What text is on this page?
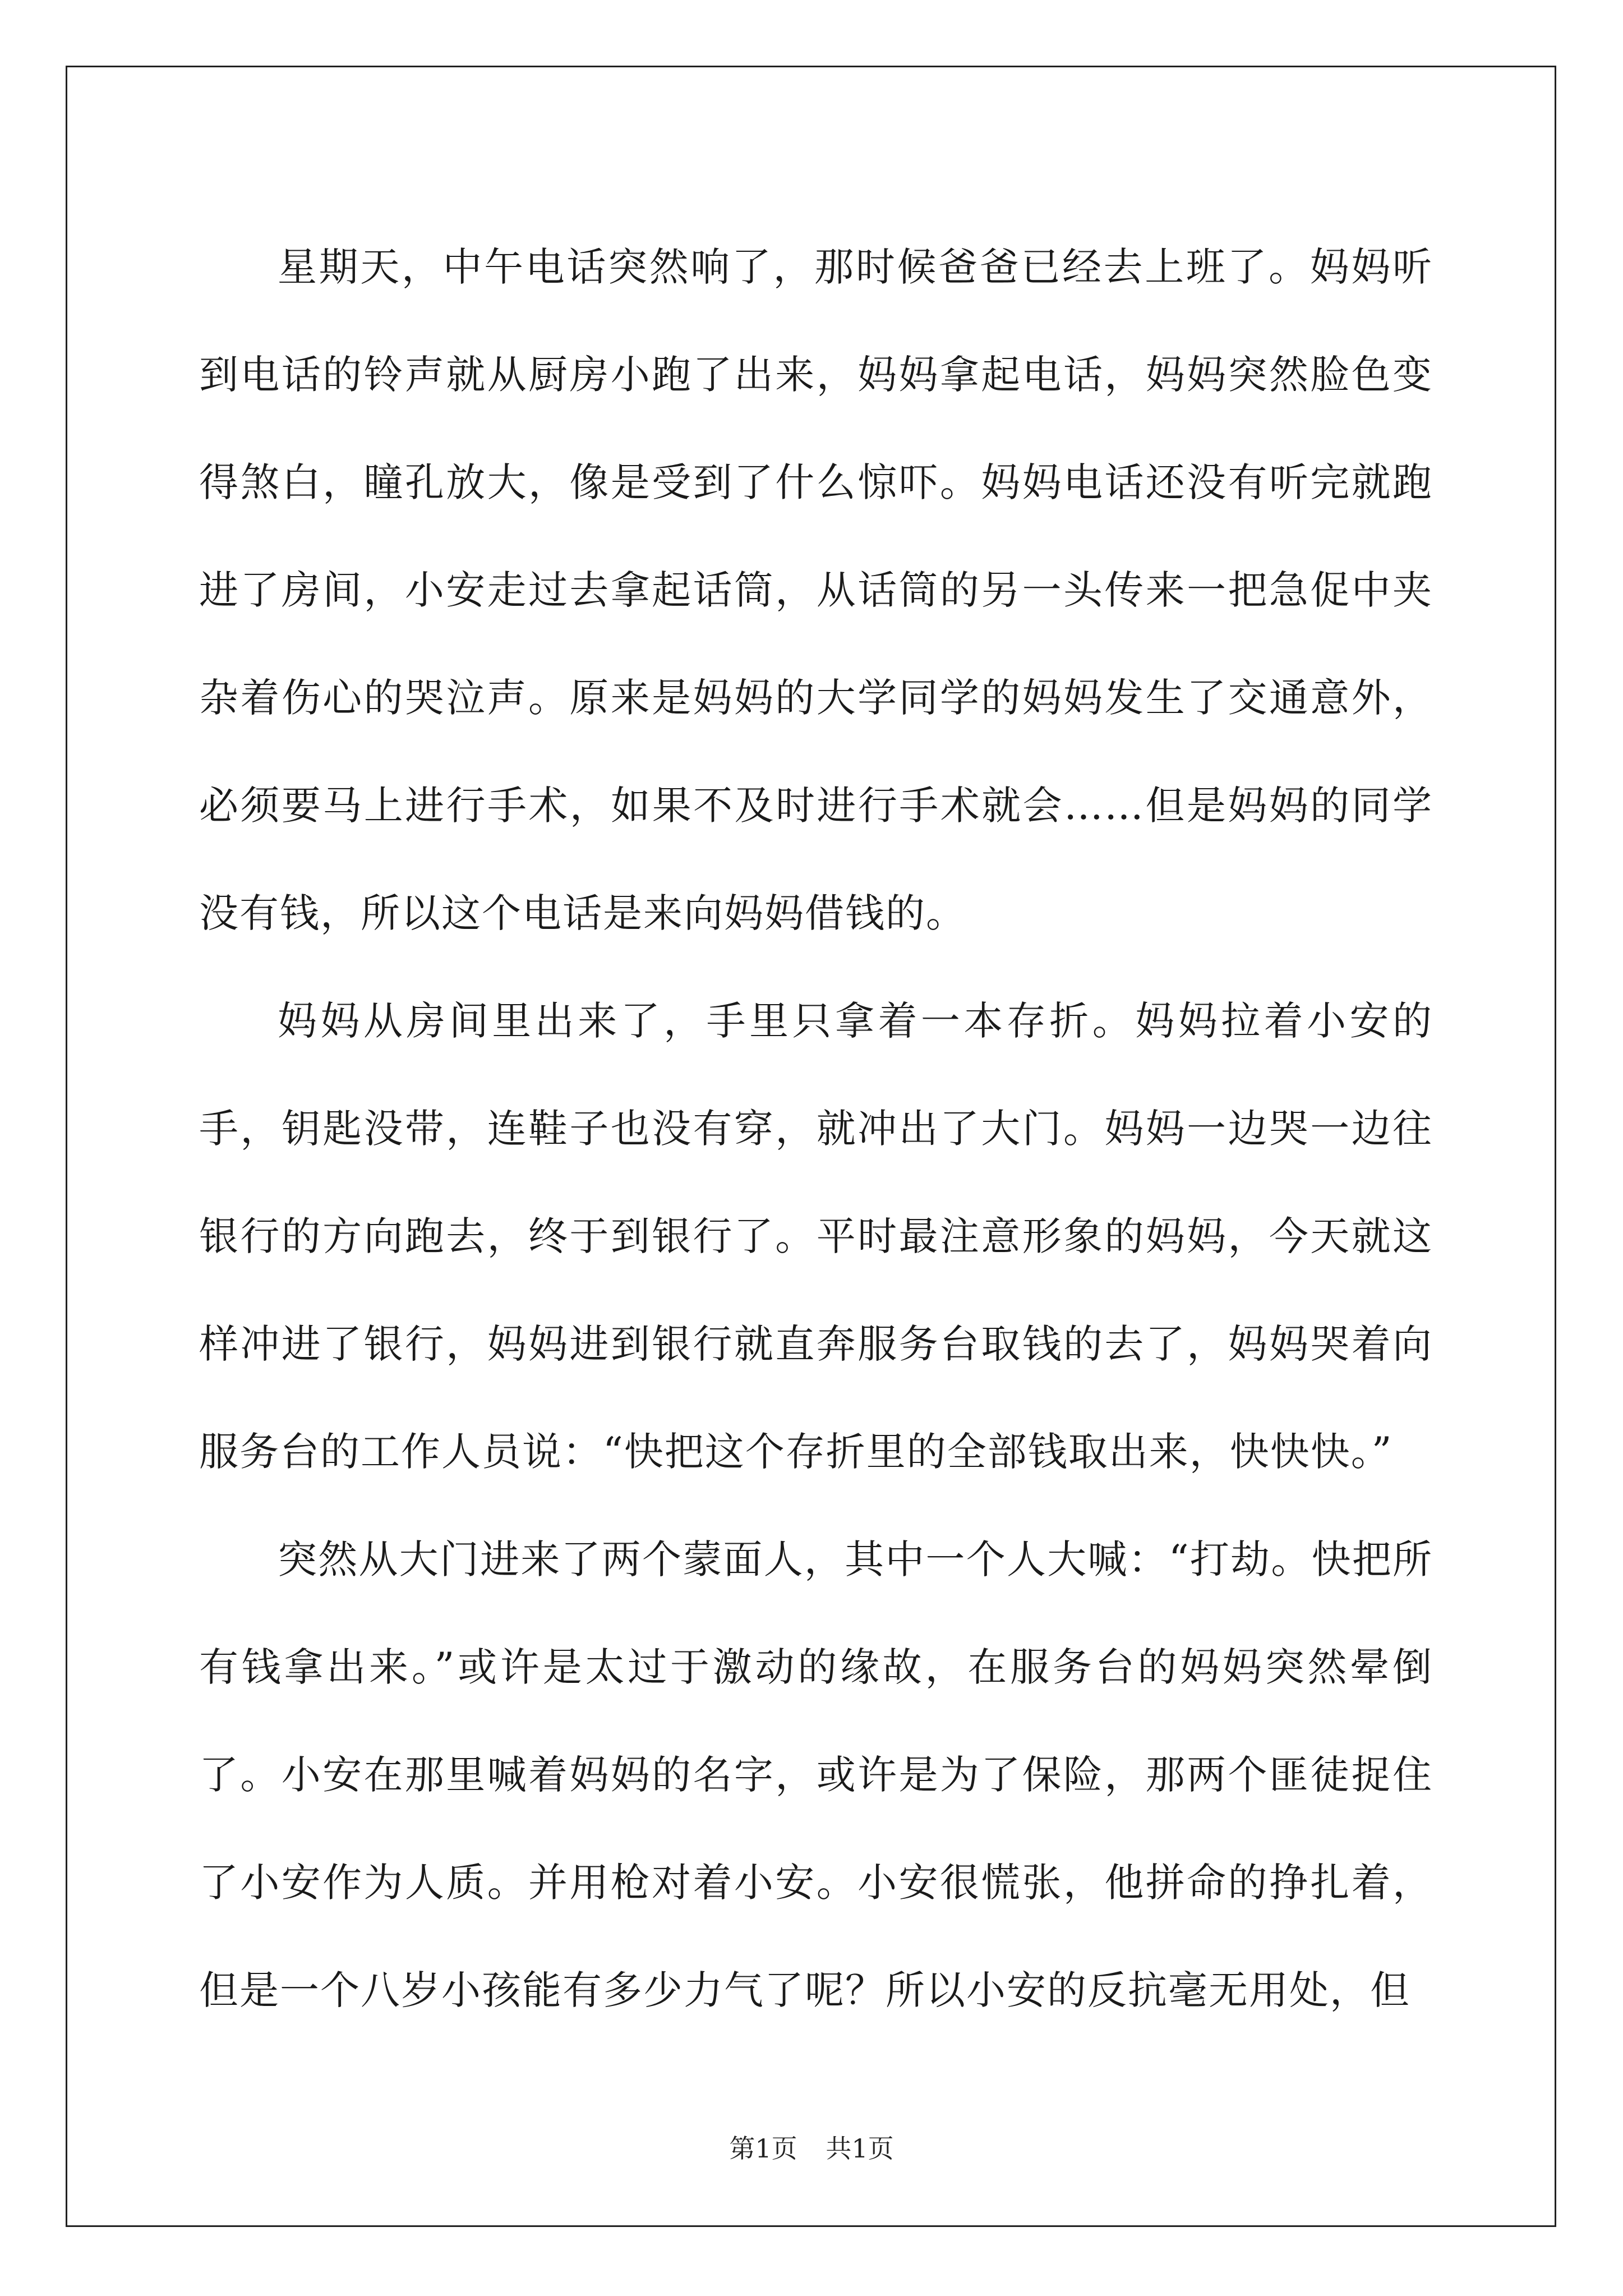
星期天，中午电话突然响了，那时候爸爸已经去上班了。妈妈听到电话的铃声就从厨房小跑了出来，妈妈拿起电话，妈妈突然脸色变得煞白，瞳孔放大，像是受到了什么惊吓。妈妈电话还没有听完就跑进了房间，小安走过去拿起话筒，从话筒的另一头传来一把急促中夹杂着伤心的哭泣声。原来是妈妈的大学同学的妈妈发生了交通意外，必须要马上进行手术，如果不及时进行手术就会……但是妈妈的同学没有钱，所以这个电话是来向妈妈借钱的。

妈妈从房间里出来了，手里只拿着一本存折。妈妈拉着小安的手，钥匙没带，连鞋子也没有穿，就冲出了大门。妈妈一边哭一边往银行的方向跑去，终于到银行了。平时最注意形象的妈妈，今天就这样冲进了银行，妈妈进到银行就直奔服务台取钱的去了，妈妈哭着向服务台的工作人员说：“快把这个存折里的全部钱取出来，快快快。”

突然从大门进来了两个蒙面人，其中一个人大喊：“打劫。快把所有钱拿出来。”或许是太过于激动的缘故，在服务台的妈妈突然晕倒了。小安在那里喊着妈妈的名字，或许是为了保险，那两个匪徒捉住了小安作为人质。并用枪对着小安。小安很慌张，他拼命的挣扎着，但是一个八岁小孩能有多少力气了呢？所以小安的反抗毫无用处，但

第1页 共1页
